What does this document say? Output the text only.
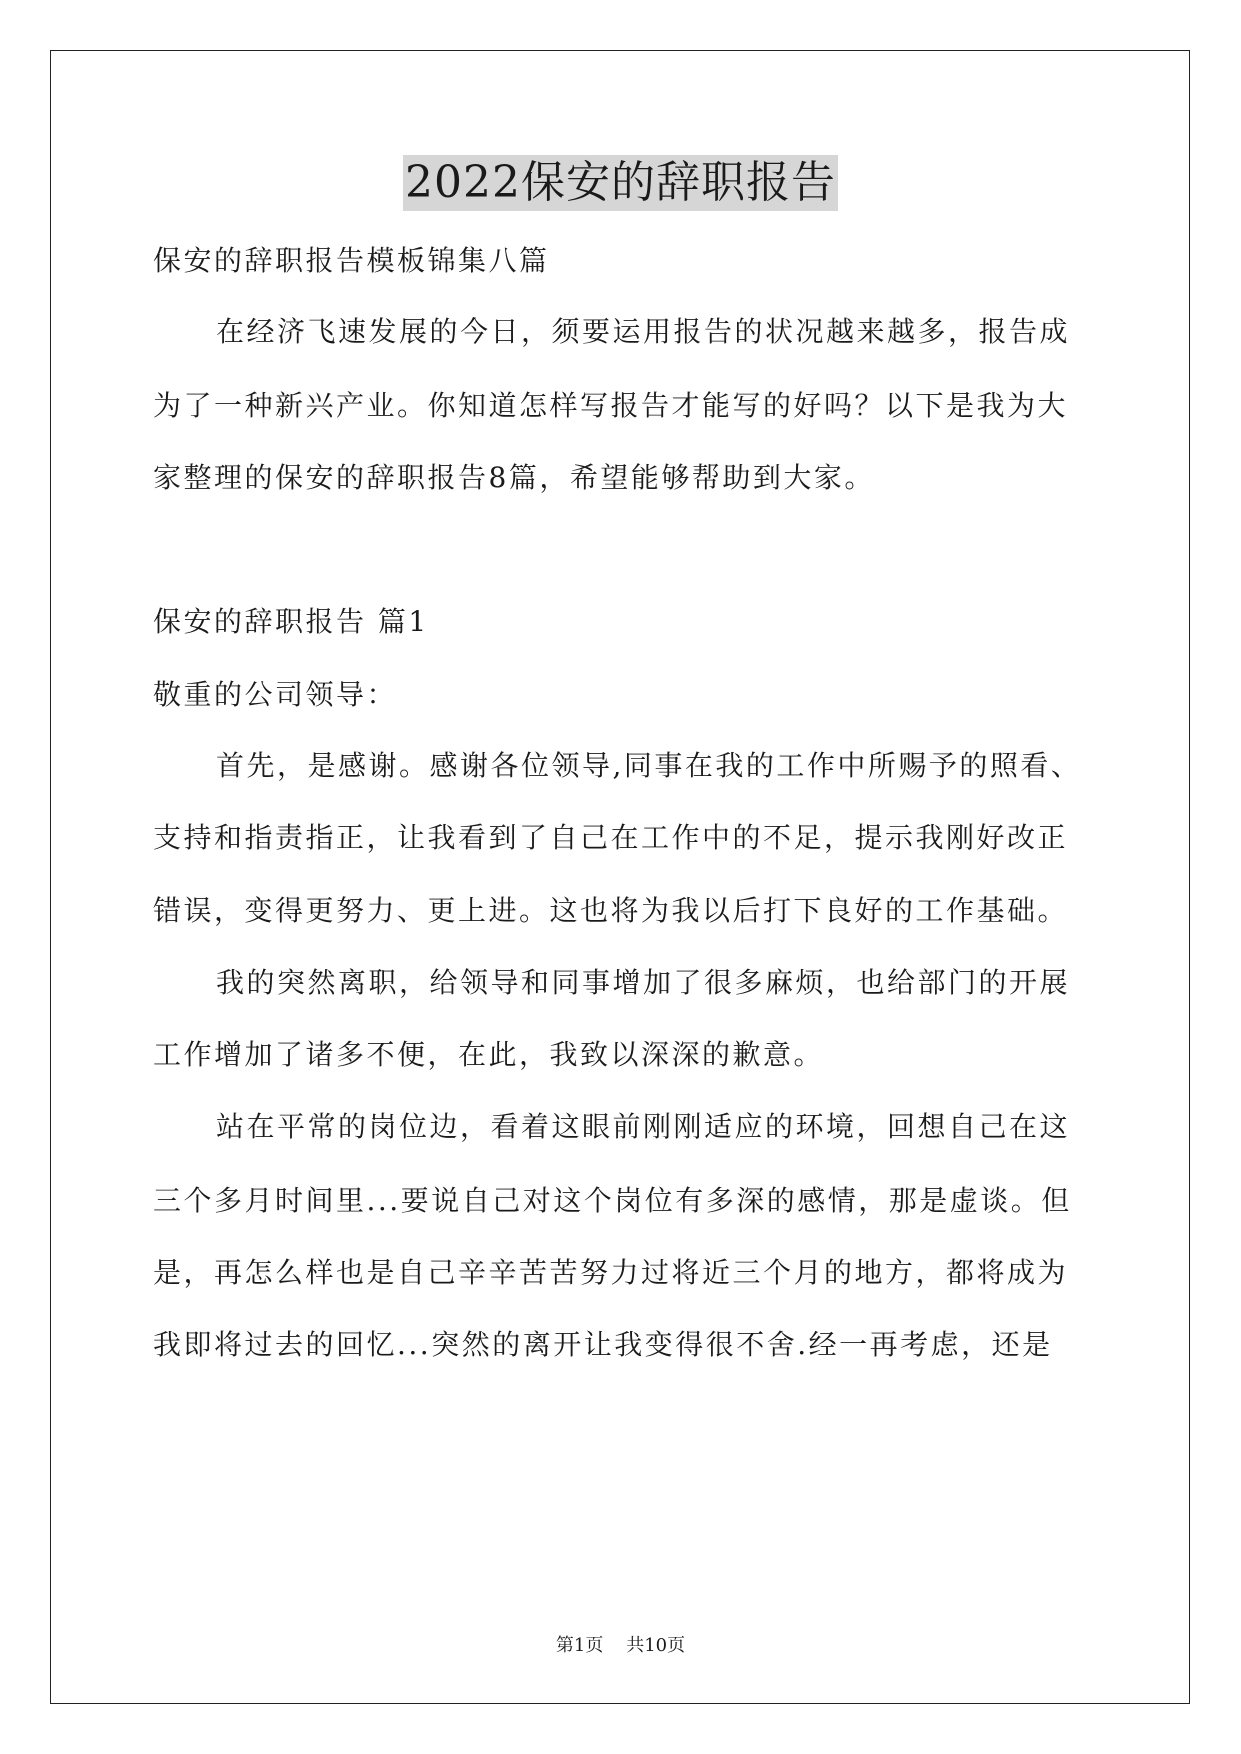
2022保安的辞职报告

保安的辞职报告模板锦集八篇

在经济飞速发展的今日，须要运用报告的状况越来越多，报告成

为了一种新兴产业。你知道怎样写报告才能写的好吗？以下是我为大

家整理的保安的辞职报告8篇，希望能够帮助到大家。

保安的辞职报告 篇1

敬重的公司领导：

首先，是感谢。感谢各位领导,同事在我的工作中所赐予的照看、

支持和指责指正，让我看到了自己在工作中的不足，提示我刚好改正

错误，变得更努力、更上进。这也将为我以后打下良好的工作基础。

我的突然离职，给领导和同事增加了很多麻烦，也给部门的开展

工作增加了诸多不便，在此，我致以深深的歉意。

站在平常的岗位边，看着这眼前刚刚适应的环境，回想自己在这

三个多月时间里...要说自己对这个岗位有多深的感情，那是虚谈。但

是，再怎么样也是自己辛辛苦苦努力过将近三个月的地方，都将成为

我即将过去的回忆...突然的离开让我变得很不舍.经一再考虑，还是

第1页 共10页
